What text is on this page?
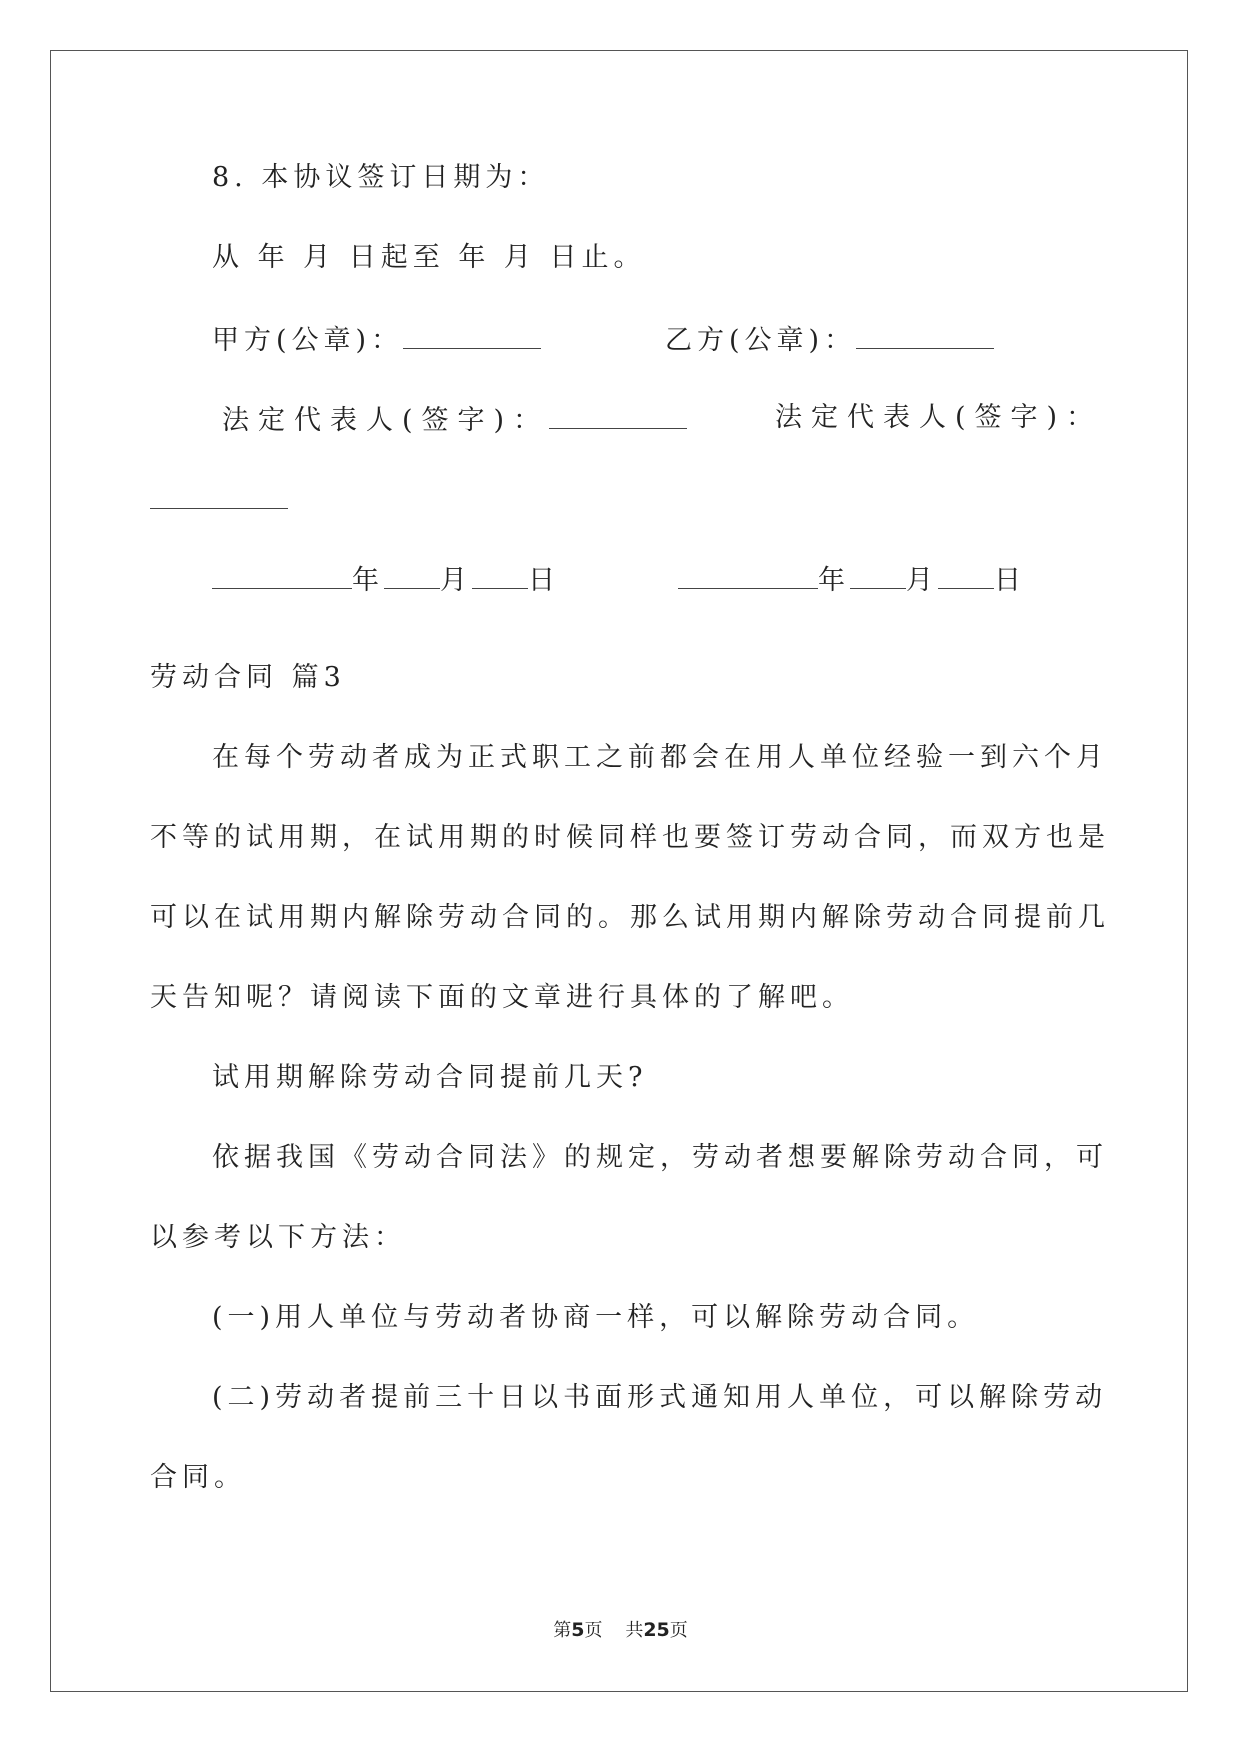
8. 本协议签订日期为：
从 年 月 日起至 年 月 日止。
甲方(公章)：	乙方(公章)：
法定代表人(签字)：	法定代表人(签字)：
年 月 日	年 月 日
劳动合同 篇3
在每个劳动者成为正式职工之前都会在用人单位经验一到六个月
不等的试用期，在试用期的时候同样也要签订劳动合同，而双方也是
可以在试用期内解除劳动合同的。那么试用期内解除劳动合同提前几
天告知呢？请阅读下面的文章进行具体的了解吧。
试用期解除劳动合同提前几天?
依据我国《劳动合同法》的规定，劳动者想要解除劳动合同，可
以参考以下方法：
(一)用人单位与劳动者协商一样，可以解除劳动合同。
(二)劳动者提前三十日以书面形式通知用人单位，可以解除劳动
合同。
第5页 共25页
